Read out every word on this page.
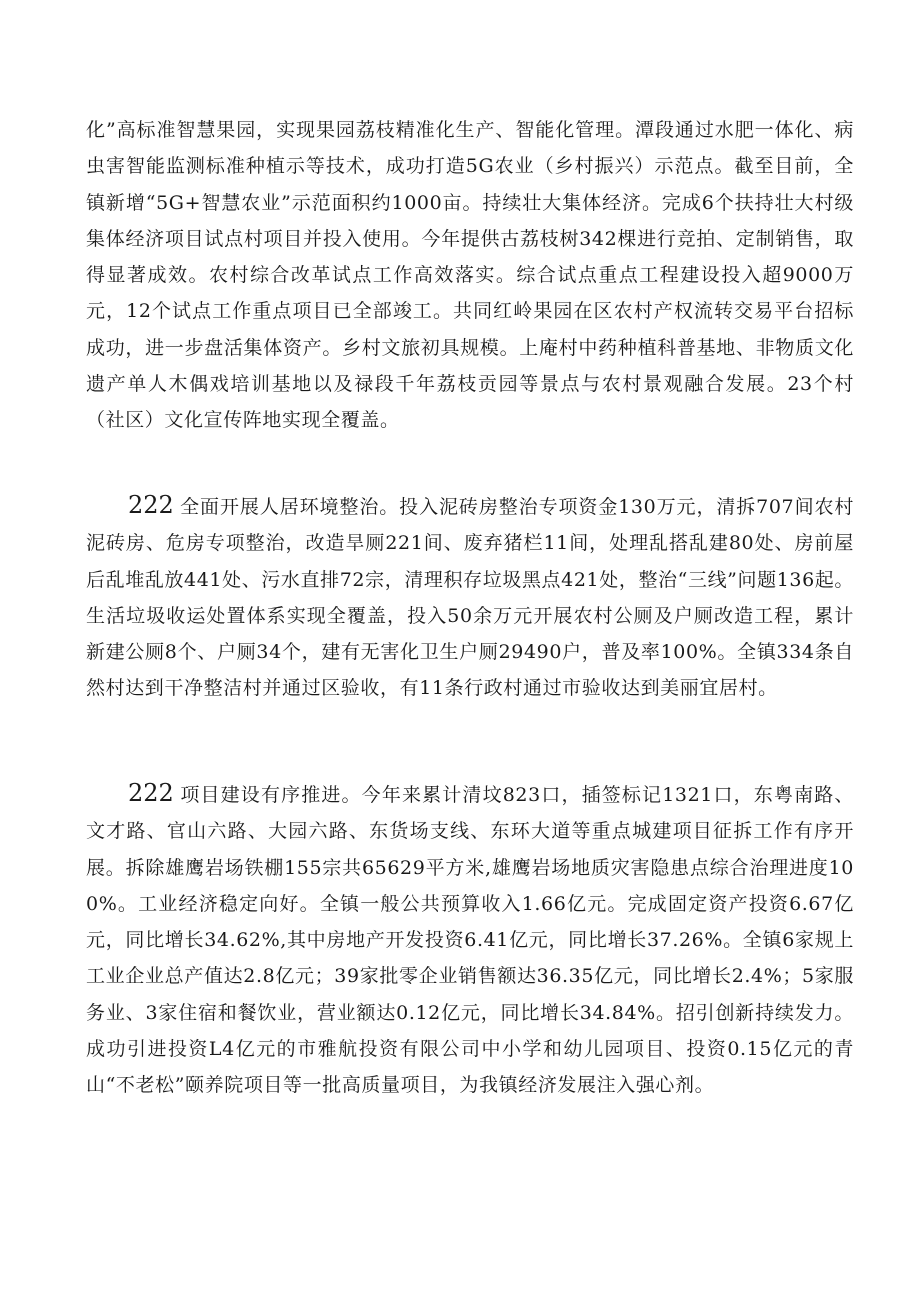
化”高标准智慧果园，实现果园荔枝精准化生产、智能化管理。潭段通过水肥一体化、病虫害智能监测标准种植示等技术，成功打造5G农业（乡村振兴）示范点。截至目前，全镇新增“5G+智慧农业”示范面积约1000亩。持续壮大集体经济。完成6个扶持壮大村级集体经济项目试点村项目并投入使用。今年提供古荔枝树342棵进行竞拍、定制销售，取得显著成效。农村综合改革试点工作高效落实。综合试点重点工程建设投入超9000万元，12个试点工作重点项目已全部竣工。共同红岭果园在区农村产权流转交易平台招标成功，进一步盘活集体资产。乡村文旅初具规模。上庵村中药种植科普基地、非物质文化遗产单人木偶戏培训基地以及禄段千年荔枝贡园等景点与农村景观融合发展。23个村（社区）文化宣传阵地实现全覆盖。

222 全面开展人居环境整治。投入泥砖房整治专项资金130万元，清拆707间农村泥砖房、危房专项整治，改造旱厕221间、废弃猪栏11间，处理乱搭乱建80处、房前屋后乱堆乱放441处、污水直排72宗，清理积存垃圾黑点421处，整治“三线”问题136起。生活垃圾收运处置体系实现全覆盖，投入50余万元开展农村公厕及户厕改造工程，累计新建公厕8个、户厕34个，建有无害化卫生户厕29490户，普及率100%。全镇334条自然村达到干净整洁村并通过区验收，有11条行政村通过市验收达到美丽宜居村。

222 项目建设有序推进。今年来累计清坟823口，插签标记1321口，东粤南路、文才路、官山六路、大园六路、东货场支线、东环大道等重点城建项目征拆工作有序开展。拆除雄鹰岩场铁棚155宗共65629平方米,雄鹰岩场地质灾害隐患点综合治理进度100%。工业经济稳定向好。全镇一般公共预算收入1.66亿元。完成固定资产投资6.67亿元，同比增长34.62%,其中房地产开发投资6.41亿元，同比增长37.26%。全镇6家规上工业企业总产值达2.8亿元；39家批零企业销售额达36.35亿元，同比增长2.4%；5家服务业、3家住宿和餐饮业，营业额达0.12亿元，同比增长34.84%。招引创新持续发力。成功引进投资L4亿元的市雅航投资有限公司中小学和幼儿园项目、投资0.15亿元的青山“不老松”颐养院项目等一批高质量项目，为我镇经济发展注入强心剂。
